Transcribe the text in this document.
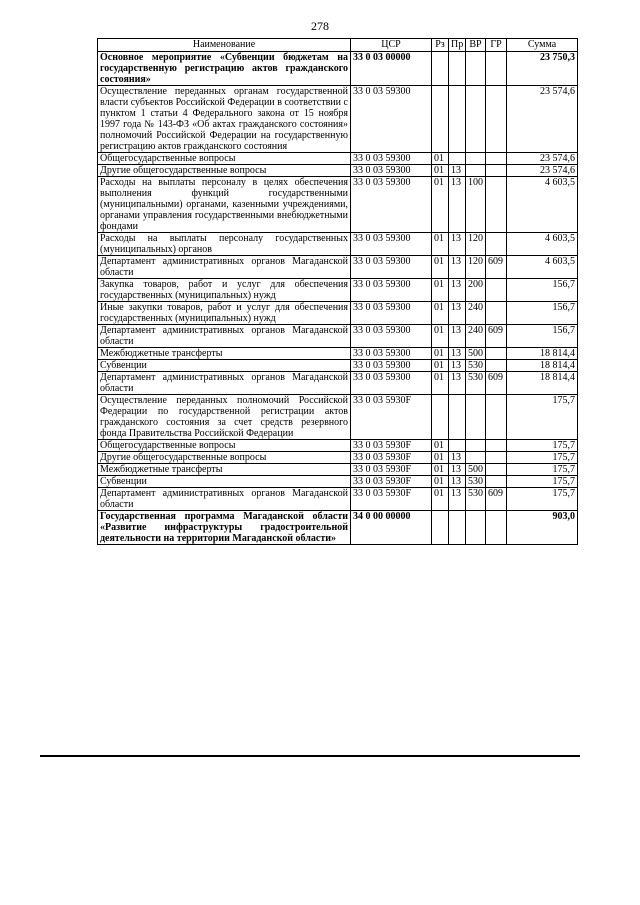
278
Наименование	ЦСР	Рз	Пр	ВР	ГР	Сумма
Основное мероприятие «Субвенции бюджетам на государственную регистрацию актов гражданского состояния»	33 0 03 00000					23 750,3
Осуществление переданных органам государственной власти субъектов Российской Федерации в соответствии с пунктом 1 статьи 4 Федерального закона от 15 ноября 1997 года № 143-ФЗ «Об актах гражданского состояния» полномочий Российской Федерации на государственную регистрацию актов гражданского состояния	33 0 03 59300					23 574,6
Общегосударственные вопросы	33 0 03 59300	01				23 574,6
Другие общегосударственные вопросы	33 0 03 59300	01	13			23 574,6
Расходы на выплаты персоналу в целях обеспечения выполнения функций государственными (муниципальными) органами, казенными учреждениями, органами управления государственными внебюджетными фондами	33 0 03 59300	01	13	100		4 603,5
Расходы на выплаты персоналу государственных (муниципальных) органов	33 0 03 59300	01	13	120		4 603,5
Департамент административных органов Магаданской области	33 0 03 59300	01	13	120	609	4 603,5
Закупка товаров, работ и услуг для обеспечения государственных (муниципальных) нужд	33 0 03 59300	01	13	200		156,7
Иные закупки товаров, работ и услуг для обеспечения государственных (муниципальных) нужд	33 0 03 59300	01	13	240		156,7
Департамент административных органов Магаданской области	33 0 03 59300	01	13	240	609	156,7
Межбюджетные трансферты	33 0 03 59300	01	13	500		18 814,4
Субвенции	33 0 03 59300	01	13	530		18 814,4
Департамент административных органов Магаданской области	33 0 03 59300	01	13	530	609	18 814,4
Осуществление переданных полномочий Российской Федерации по государственной регистрации актов гражданского состояния за счет средств резервного фонда Правительства Российской Федерации	33 0 03 5930F					175,7
Общегосударственные вопросы	33 0 03 5930F	01				175,7
Другие общегосударственные вопросы	33 0 03 5930F	01	13			175,7
Межбюджетные трансферты	33 0 03 5930F	01	13	500		175,7
Субвенции	33 0 03 5930F	01	13	530		175,7
Департамент административных органов Магаданской области	33 0 03 5930F	01	13	530	609	175,7
Государственная программа Магаданской области «Развитие инфраструктуры градостроительной деятельности на территории Магаданской области»	34 0 00 00000					903,0
